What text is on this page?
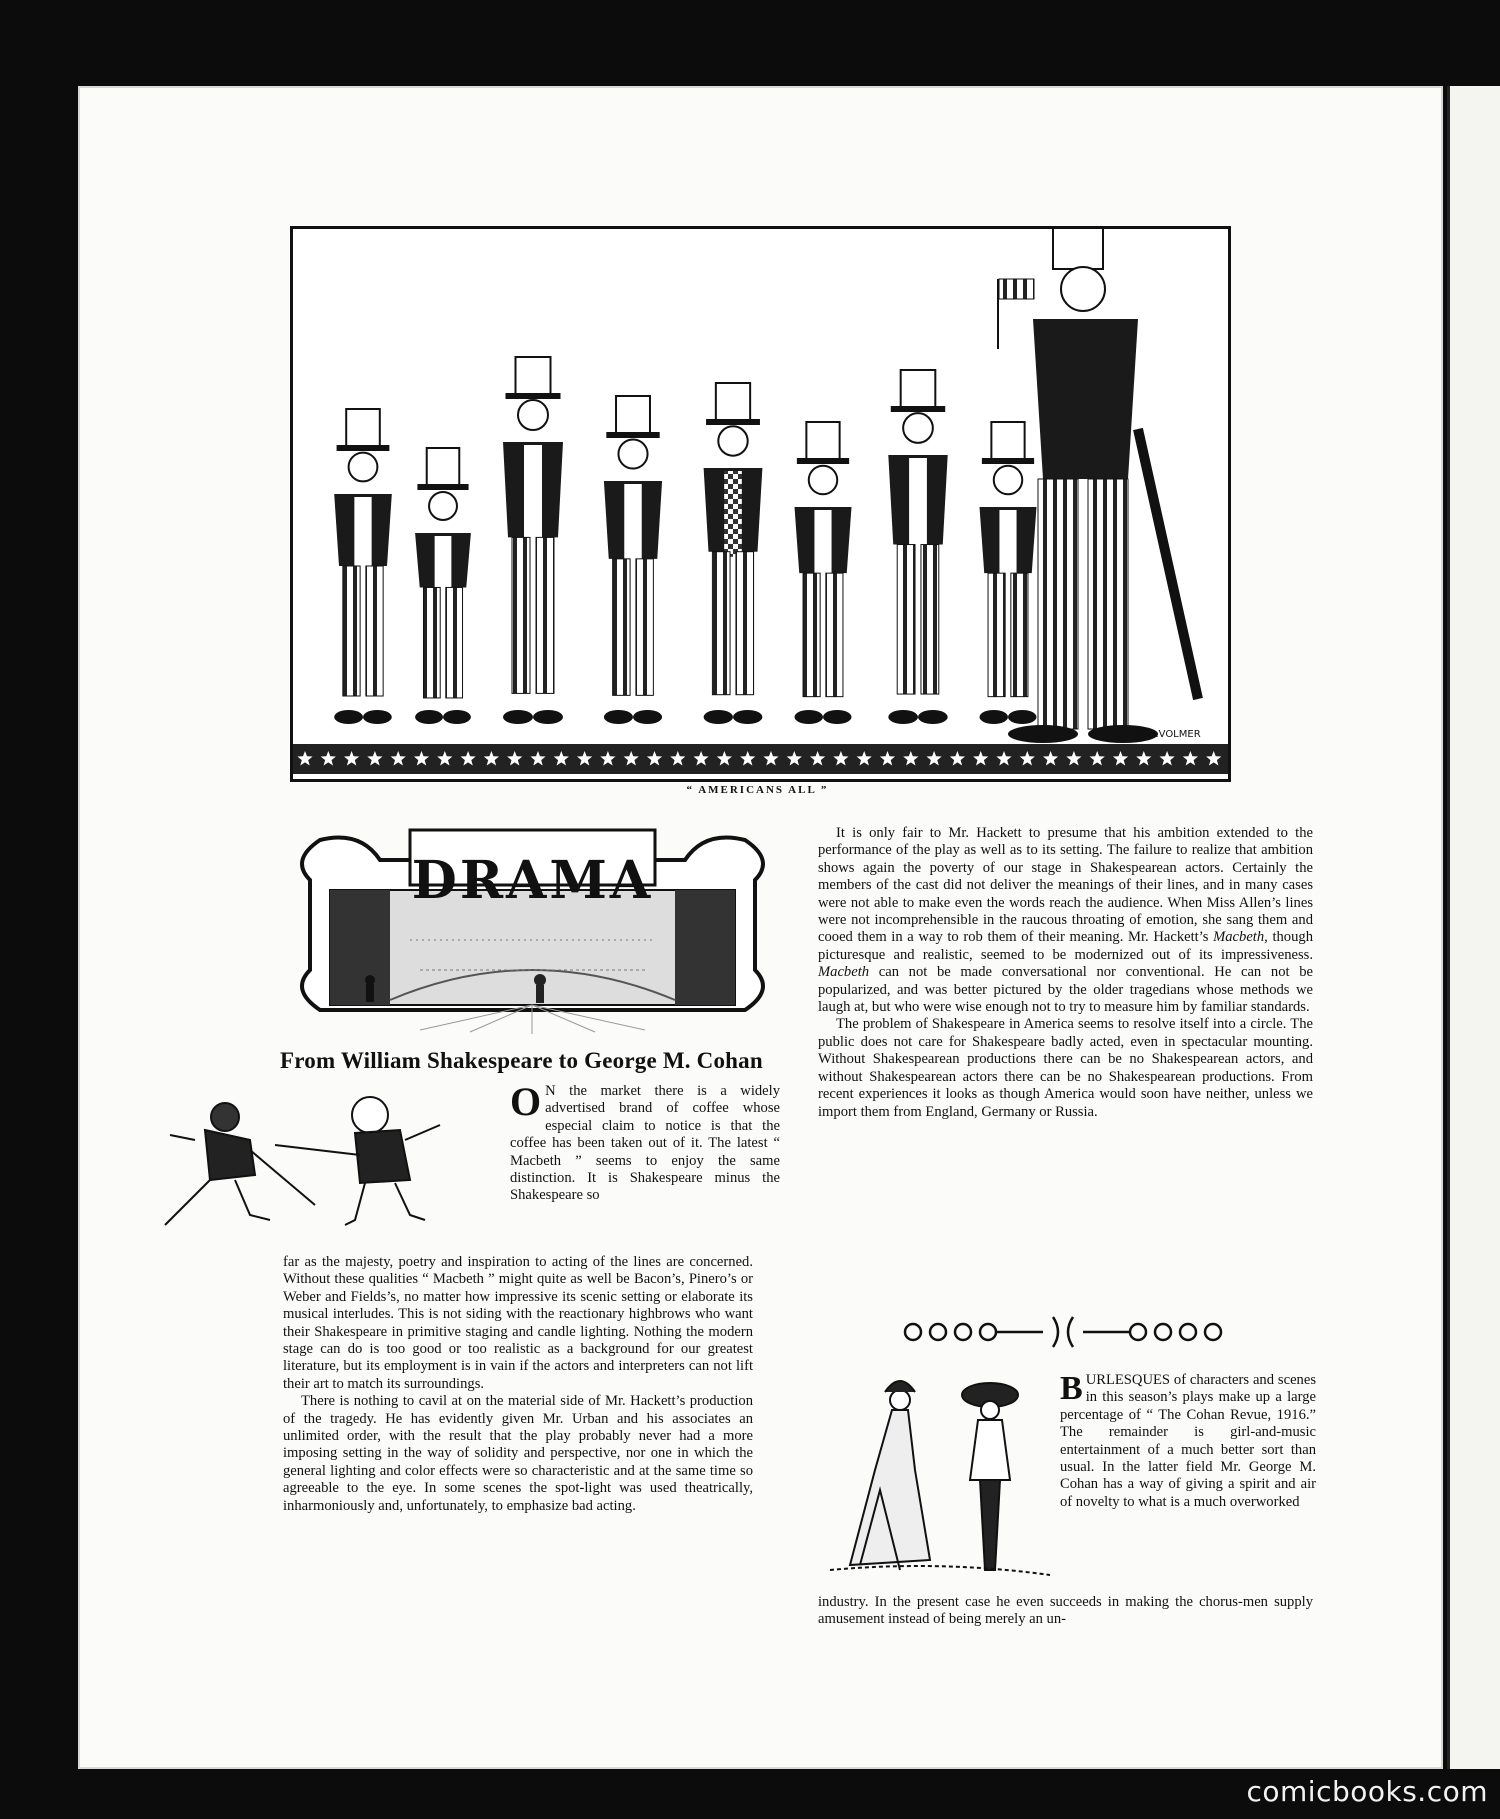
R.D.VOLMER
“ AMERICANS ALL ”
DRAMA
From William Shakespeare to George M. Cohan

O N the market there is a widely advertised brand of coffee whose especial claim to notice is that the coffee has been taken out of it. The latest “ Macbeth ” seems to enjoy the same distinction. It is Shakespeare minus the Shakespeare so

far as the majesty, poetry and inspiration to acting of the lines are concerned. Without these qualities “ Macbeth ” might quite as well be Bacon’s, Pinero’s or Weber and Fields’s, no matter how impressive its scenic setting or elaborate its musical interludes. This is not siding with the reactionary highbrows who want their Shakespeare in primitive staging and candle lighting. Nothing the modern stage can do is too good or too realistic as a background for our greatest literature, but its employment is in vain if the actors and interpreters can not lift their art to match its surroundings.

There is nothing to cavil at on the material side of Mr. Hackett’s production of the tragedy. He has evidently given Mr. Urban and his associates an unlimited order, with the result that the play probably never had a more imposing setting in the way of solidity and perspective, nor one in which the general lighting and color effects were so characteristic and at the same time so agreeable to the eye. In some scenes the spot-light was used theatrically, inharmoniously and, unfortunately, to emphasize bad acting.

It is only fair to Mr. Hackett to presume that his ambition extended to the performance of the play as well as to its setting. The failure to realize that ambition shows again the poverty of our stage in Shakespearean actors. Certainly the members of the cast did not deliver the meanings of their lines, and in many cases were not able to make even the words reach the audience. When Miss Allen’s lines were not incomprehensible in the raucous throating of emotion, she sang them and cooed them in a way to rob them of their meaning. Mr. Hackett’s Macbeth, though picturesque and realistic, seemed to be modernized out of its impressiveness. Macbeth can not be made conversational nor conventional. He can not be popularized, and was better pictured by the older tragedians whose methods we laugh at, but who were wise enough not to try to measure him by familiar standards.

The problem of Shakespeare in America seems to resolve itself into a circle. The public does not care for Shakespeare badly acted, even in spectacular mounting. Without Shakespearean productions there can be no Shakespearean actors, and without Shakespearean actors there can be no Shakespearean productions. From recent experiences it looks as though America would soon have neither, unless we import them from England, Germany or Russia.

BURLESQUES of characters and scenes in this season’s plays make up a large percentage of “ The Cohan Revue, 1916.” The remainder is girl-and-music entertainment of a much better sort than usual. In the latter field Mr. George M. Cohan has a way of giving a spirit and air of novelty to what is a much overworked

industry. In the present case he even succeeds in making the chorus-men supply amusement instead of being merely an un-

comicbooks.com
